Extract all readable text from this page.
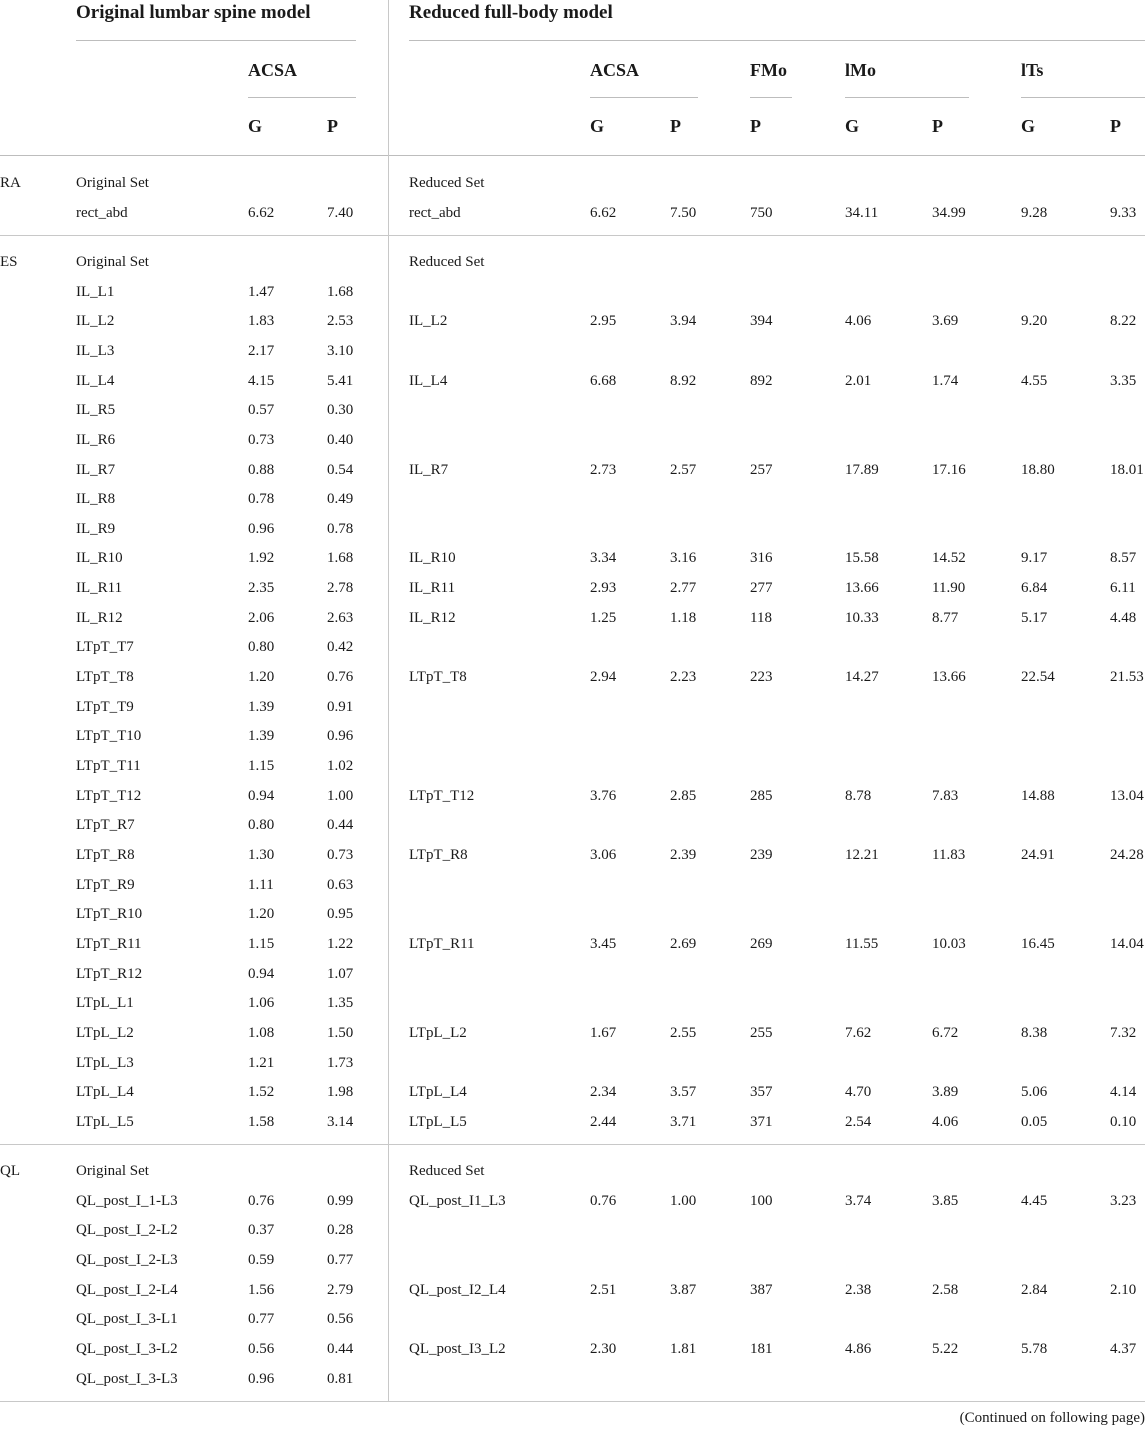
Original lumbar spine model	Reduced full-body model
ACSA	ACSA	FMo	lMo	lTs
G	P	G	P	P	G	P	G	P
RA	Original Set	Reduced Set
rect_abd	6.62	7.40	rect_abd	6.62	7.50	750	34.11	34.99	9.28	9.33
ES	Original Set	Reduced Set
IL_L1	1.47	1.68
IL_L2	1.83	2.53	IL_L2	2.95	3.94	394	4.06	3.69	9.20	8.22
IL_L3	2.17	3.10
IL_L4	4.15	5.41	IL_L4	6.68	8.92	892	2.01	1.74	4.55	3.35
IL_R5	0.57	0.30
IL_R6	0.73	0.40
IL_R7	0.88	0.54	IL_R7	2.73	2.57	257	17.89	17.16	18.80	18.01
IL_R8	0.78	0.49
IL_R9	0.96	0.78
IL_R10	1.92	1.68	IL_R10	3.34	3.16	316	15.58	14.52	9.17	8.57
IL_R11	2.35	2.78	IL_R11	2.93	2.77	277	13.66	11.90	6.84	6.11
IL_R12	2.06	2.63	IL_R12	1.25	1.18	118	10.33	8.77	5.17	4.48
LTpT_T7	0.80	0.42
LTpT_T8	1.20	0.76	LTpT_T8	2.94	2.23	223	14.27	13.66	22.54	21.53
LTpT_T9	1.39	0.91
LTpT_T10	1.39	0.96
LTpT_T11	1.15	1.02
LTpT_T12	0.94	1.00	LTpT_T12	3.76	2.85	285	8.78	7.83	14.88	13.04
LTpT_R7	0.80	0.44
LTpT_R8	1.30	0.73	LTpT_R8	3.06	2.39	239	12.21	11.83	24.91	24.28
LTpT_R9	1.11	0.63
LTpT_R10	1.20	0.95
LTpT_R11	1.15	1.22	LTpT_R11	3.45	2.69	269	11.55	10.03	16.45	14.04
LTpT_R12	0.94	1.07
LTpL_L1	1.06	1.35
LTpL_L2	1.08	1.50	LTpL_L2	1.67	2.55	255	7.62	6.72	8.38	7.32
LTpL_L3	1.21	1.73
LTpL_L4	1.52	1.98	LTpL_L4	2.34	3.57	357	4.70	3.89	5.06	4.14
LTpL_L5	1.58	3.14	LTpL_L5	2.44	3.71	371	2.54	4.06	0.05	0.10
QL	Original Set	Reduced Set
QL_post_I_1-L3	0.76	0.99	QL_post_I1_L3	0.76	1.00	100	3.74	3.85	4.45	3.23
QL_post_I_2-L2	0.37	0.28
QL_post_I_2-L3	0.59	0.77
QL_post_I_2-L4	1.56	2.79	QL_post_I2_L4	2.51	3.87	387	2.38	2.58	2.84	2.10
QL_post_I_3-L1	0.77	0.56
QL_post_I_3-L2	0.56	0.44	QL_post_I3_L2	2.30	1.81	181	4.86	5.22	5.78	4.37
QL_post_I_3-L3	0.96	0.81
(Continued on following page)
